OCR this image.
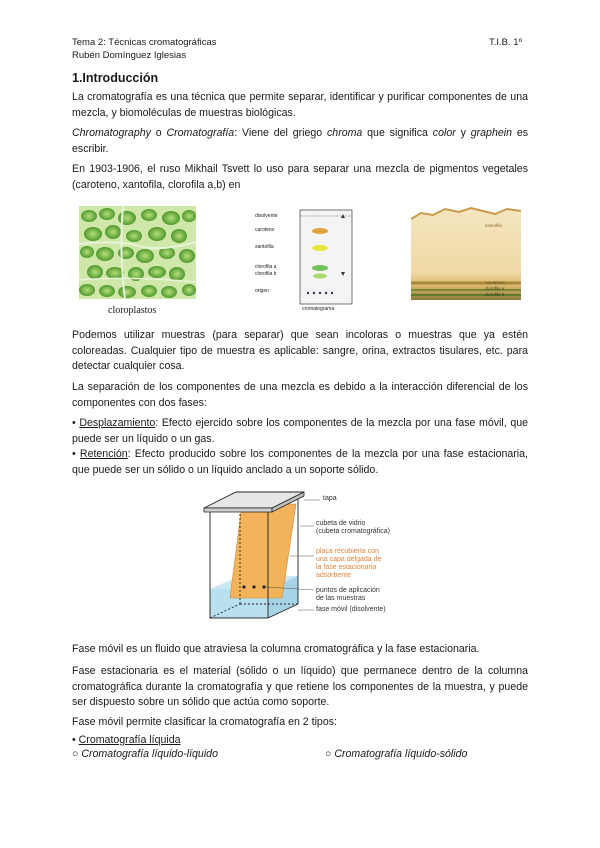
Tema 2: Técnicas cromatográficas
Rubén Domínguez Iglesias
T.I.B. 1º
1.Introducción

La cromatografía es una técnica que permite separar, identificar y purificar componentes de una mezcla, y biomoléculas de muestras biológicas.

Chromatography o Cromatografía: Viene del griego chroma que significa color y graphein es escribir.

En 1903-1906, el ruso Mikhail Tsvett lo uso para separar una mezcla de pigmentos vegetales (caroteno, xantofila, clorofila a,b) en

cloroplastos
disolvente
caroteno
xantofila
clorofila a
clorofila b
origen
cromatograma
xantofila
carotenos
clorofila a
clorofila b

Podemos utilizar muestras (para separar) que sean incoloras o muestras que ya estén coloreadas. Cualquier tipo de muestra es aplicable: sangre, orina, extractos tisulares, etc. para detectar cualquier cosa.

La separación de los componentes de una mezcla es debido a la interacción diferencial de los componentes con dos fases:

• Desplazamiento: Efecto ejercido sobre los componentes de la mezcla por una fase móvil, que puede ser un líquido o un gas.

• Retención: Efecto producido sobre los componentes de la mezcla por una fase estacionaria, que puede ser un sólido o un líquido anclado a un soporte sólido.

tapa
cubeta de vidrio
(cubeta cromatográfica)
placa recubierta con
una capa delgada de
la fase estacionaria
adsorbente
puntos de aplicación
de las muestras
fase móvil (disolvente)

Fase móvil es un fluido que atraviesa la columna cromatográfica y la fase estacionaria.

Fase estacionaria es el material (sólido o un líquido) que permanece dentro de la columna cromatográfica durante la cromatografía y que retiene los componentes de la muestra, y puede ser dispuesto sobre un sólido que actúa como soporte.

Fase móvil permite clasificar la cromatografía en 2 tipos:

• Cromatografía líquida
○ Cromatografía líquido-líquido	○ Cromatografía líquido-sólido
